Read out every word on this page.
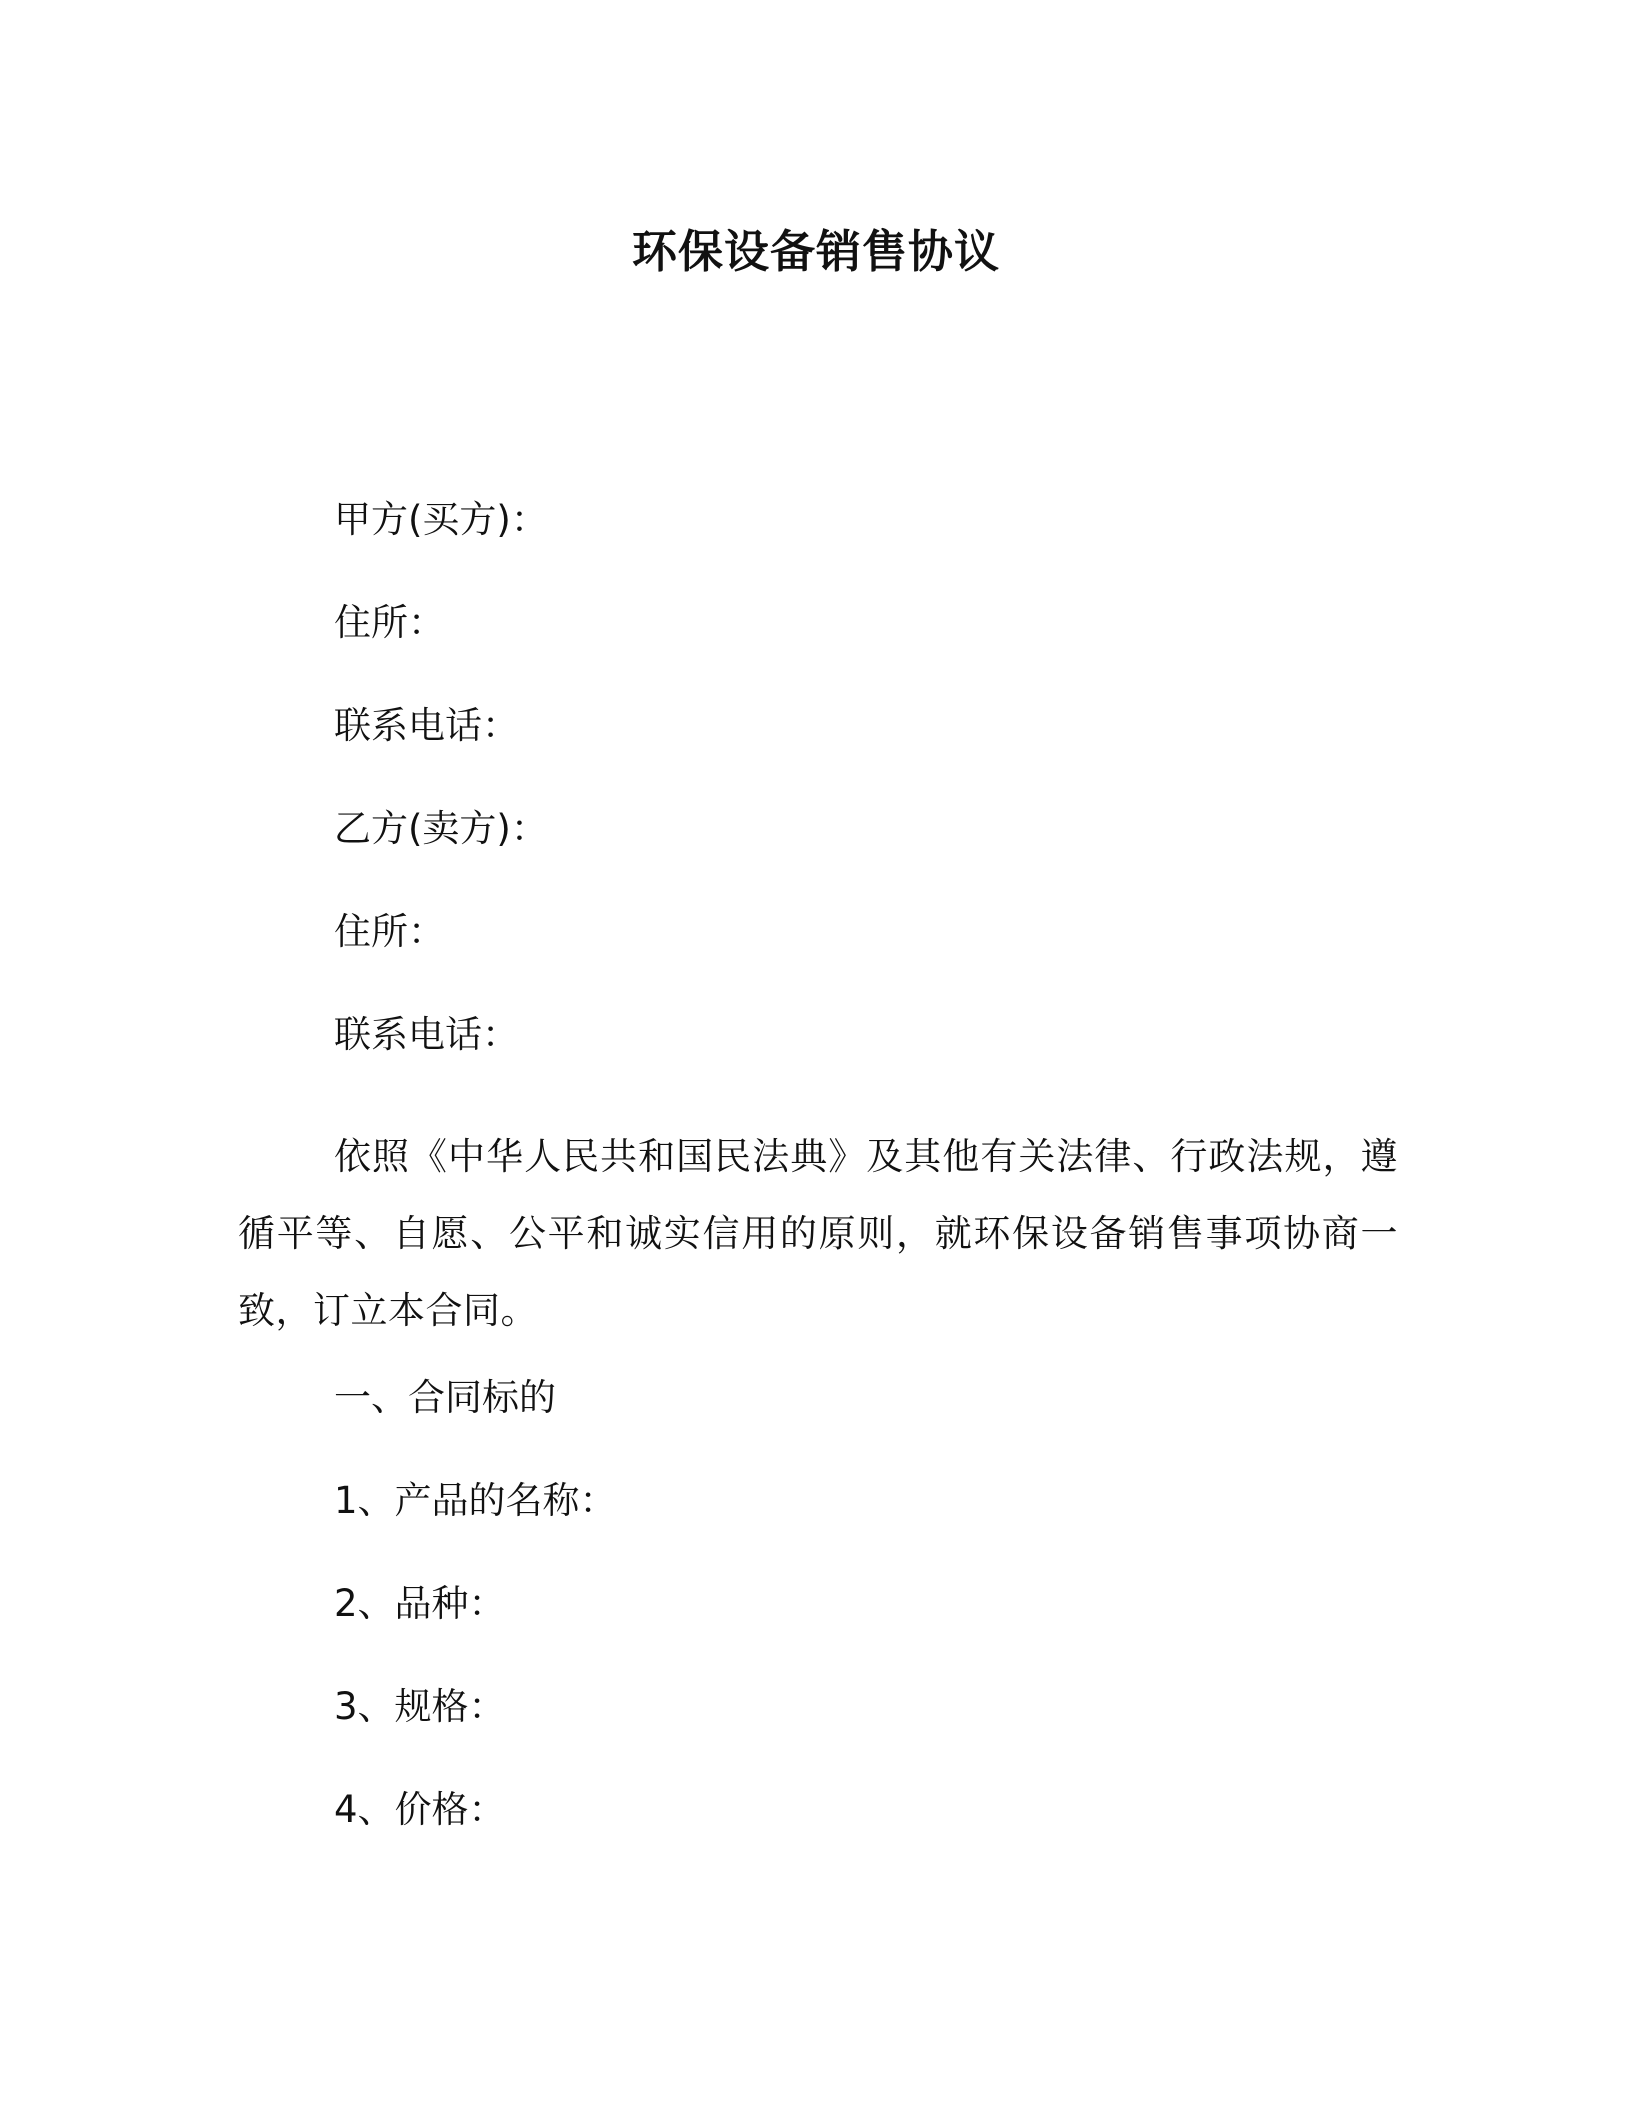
环保设备销售协议
甲方(买方)：
住所：
联系电话：
乙方(卖方)：
住所：
联系电话：
依照《中华人民共和国民法典》及其他有关法律、行政法规，遵循平等、自愿、公平和诚实信用的原则，就环保设备销售事项协商一致，订立本合同。
一、合同标的
1、产品的名称：
2、品种：
3、规格：
4、价格：
